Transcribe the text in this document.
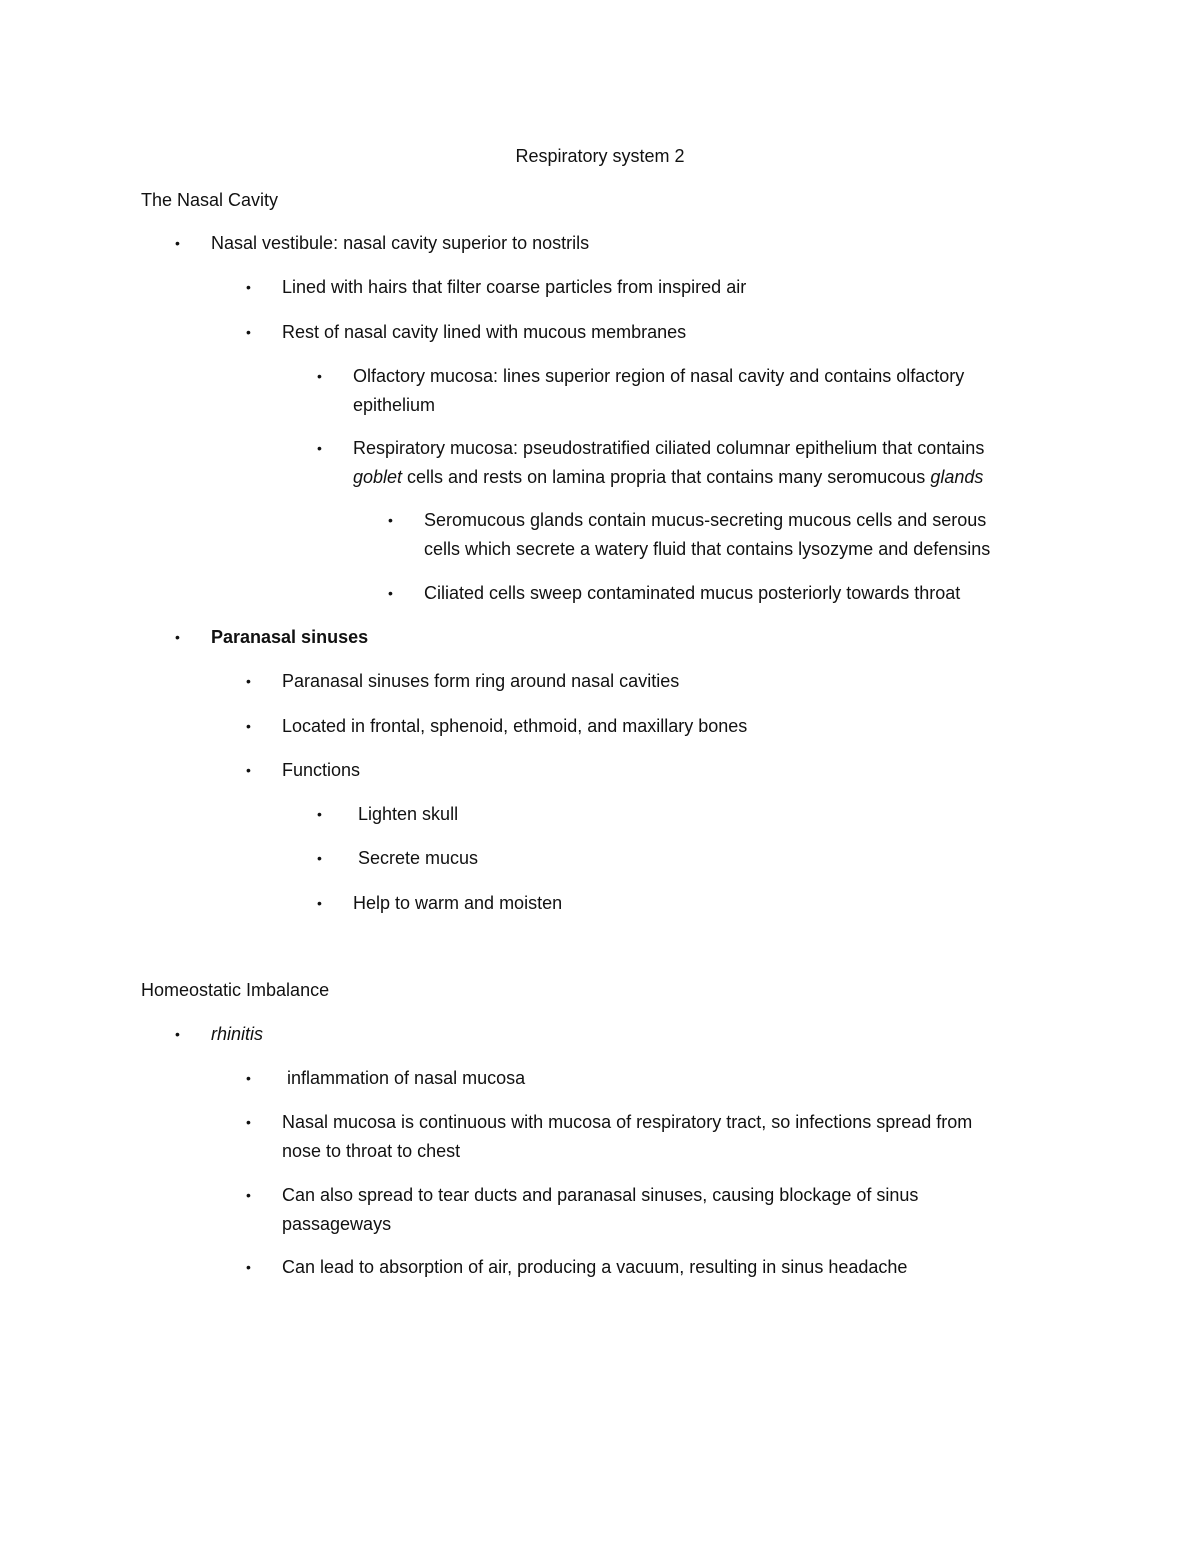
Respiratory system 2
The Nasal Cavity
• Nasal vestibule: nasal cavity superior to nostrils
• Lined with hairs that filter coarse particles from inspired air
• Rest of nasal cavity lined with mucous membranes
• Olfactory mucosa: lines superior region of nasal cavity and contains olfactory
epithelium
• Respiratory mucosa: pseudostratified ciliated columnar epithelium that contains
goblet cells and rests on lamina propria that contains many seromucous glands
• Seromucous glands contain mucus-secreting mucous cells and serous
cells which secrete a watery fluid that contains lysozyme and defensins
• Ciliated cells sweep contaminated mucus posteriorly towards throat
• Paranasal sinuses
• Paranasal sinuses form ring around nasal cavities
• Located in frontal, sphenoid, ethmoid, and maxillary bones
• Functions
• Lighten skull
• Secrete mucus
• Help to warm and moisten
Homeostatic Imbalance
• rhinitis
• inflammation of nasal mucosa
• Nasal mucosa is continuous with mucosa of respiratory tract, so infections spread from
nose to throat to chest
• Can also spread to tear ducts and paranasal sinuses, causing blockage of sinus
passageways
• Can lead to absorption of air, producing a vacuum, resulting in sinus headache
